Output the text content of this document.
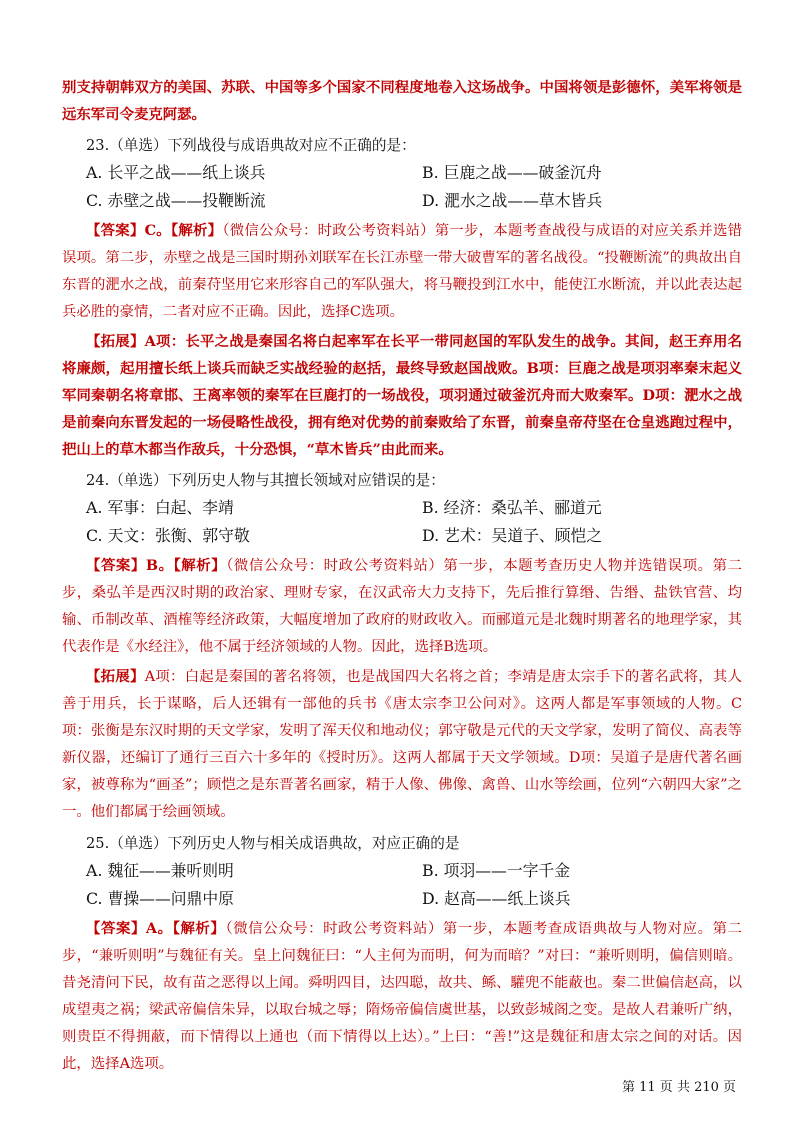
别支持朝韩双方的美国、苏联、中国等多个国家不同程度地卷入这场战争。中国将领是彭德怀，美军将领是远东军司令麦克阿瑟。

23.（单选）下列战役与成语典故对应不正确的是：

A. 长平之战——纸上谈兵	B. 巨鹿之战——破釜沉舟
C. 赤壁之战——投鞭断流	D. 淝水之战——草木皆兵

【答案】C。【解析】（微信公众号：时政公考资料站）第一步，本题考查战役与成语的对应关系并选错误项。第二步，赤壁之战是三国时期孙刘联军在长江赤壁一带大破曹军的著名战役。“投鞭断流”的典故出自东晋的淝水之战，前秦苻坚用它来形容自己的军队强大，将马鞭投到江水中，能使江水断流，并以此表达起兵必胜的豪情，二者对应不正确。因此，选择C选项。

【拓展】A项：长平之战是秦国名将白起率军在长平一带同赵国的军队发生的战争。其间，赵王弃用名将廉颇，起用擅长纸上谈兵而缺乏实战经验的赵括，最终导致赵国战败。B项：巨鹿之战是项羽率秦末起义军同秦朝名将章邯、王离率领的秦军在巨鹿打的一场战役，项羽通过破釜沉舟而大败秦军。D项：淝水之战是前秦向东晋发起的一场侵略性战役，拥有绝对优势的前秦败给了东晋，前秦皇帝苻坚在仓皇逃跑过程中，把山上的草木都当作敌兵，十分恐惧，“草木皆兵”由此而来。

24.（单选）下列历史人物与其擅长领域对应错误的是：

A. 军事：白起、李靖	B. 经济：桑弘羊、郦道元
C. 天文：张衡、郭守敬	D. 艺术：吴道子、顾恺之

【答案】B。【解析】（微信公众号：时政公考资料站）第一步，本题考查历史人物并选错误项。第二步，桑弘羊是西汉时期的政治家、理财专家，在汉武帝大力支持下，先后推行算缗、告缗、盐铁官营、均输、币制改革、酒榷等经济政策，大幅度增加了政府的财政收入。而郦道元是北魏时期著名的地理学家，其代表作是《水经注》，他不属于经济领域的人物。因此，选择B选项。

【拓展】A项：白起是秦国的著名将领，也是战国四大名将之首；李靖是唐太宗手下的著名武将，其人善于用兵，长于谋略，后人还辑有一部他的兵书《唐太宗李卫公问对》。这两人都是军事领域的人物。C项：张衡是东汉时期的天文学家，发明了浑天仪和地动仪；郭守敬是元代的天文学家，发明了简仪、高表等新仪器，还编订了通行三百六十多年的《授时历》。这两人都属于天文学领域。D项：吴道子是唐代著名画家，被尊称为“画圣”；顾恺之是东晋著名画家，精于人像、佛像、禽兽、山水等绘画，位列“六朝四大家”之一。他们都属于绘画领域。

25.（单选）下列历史人物与相关成语典故，对应正确的是

A. 魏征——兼听则明	B. 项羽——一字千金
C. 曹操——问鼎中原	D. 赵高——纸上谈兵

【答案】A。【解析】（微信公众号：时政公考资料站）第一步，本题考查成语典故与人物对应。第二步，“兼听则明”与魏征有关。皇上问魏征曰：“人主何为而明，何为而暗？”对曰：“兼听则明，偏信则暗。昔尧清问下民，故有苗之恶得以上闻。舜明四目，达四聪，故共、鲧、驩兜不能蔽也。秦二世偏信赵高，以成望夷之祸；梁武帝偏信朱异，以取台城之辱；隋炀帝偏信虞世基，以致彭城阁之变。是故人君兼听广纳，则贵臣不得拥蔽，而下情得以上通也（而下情得以上达）。”上曰：“善!”这是魏征和唐太宗之间的对话。因此，选择A选项。

第 11 页 共 210 页
